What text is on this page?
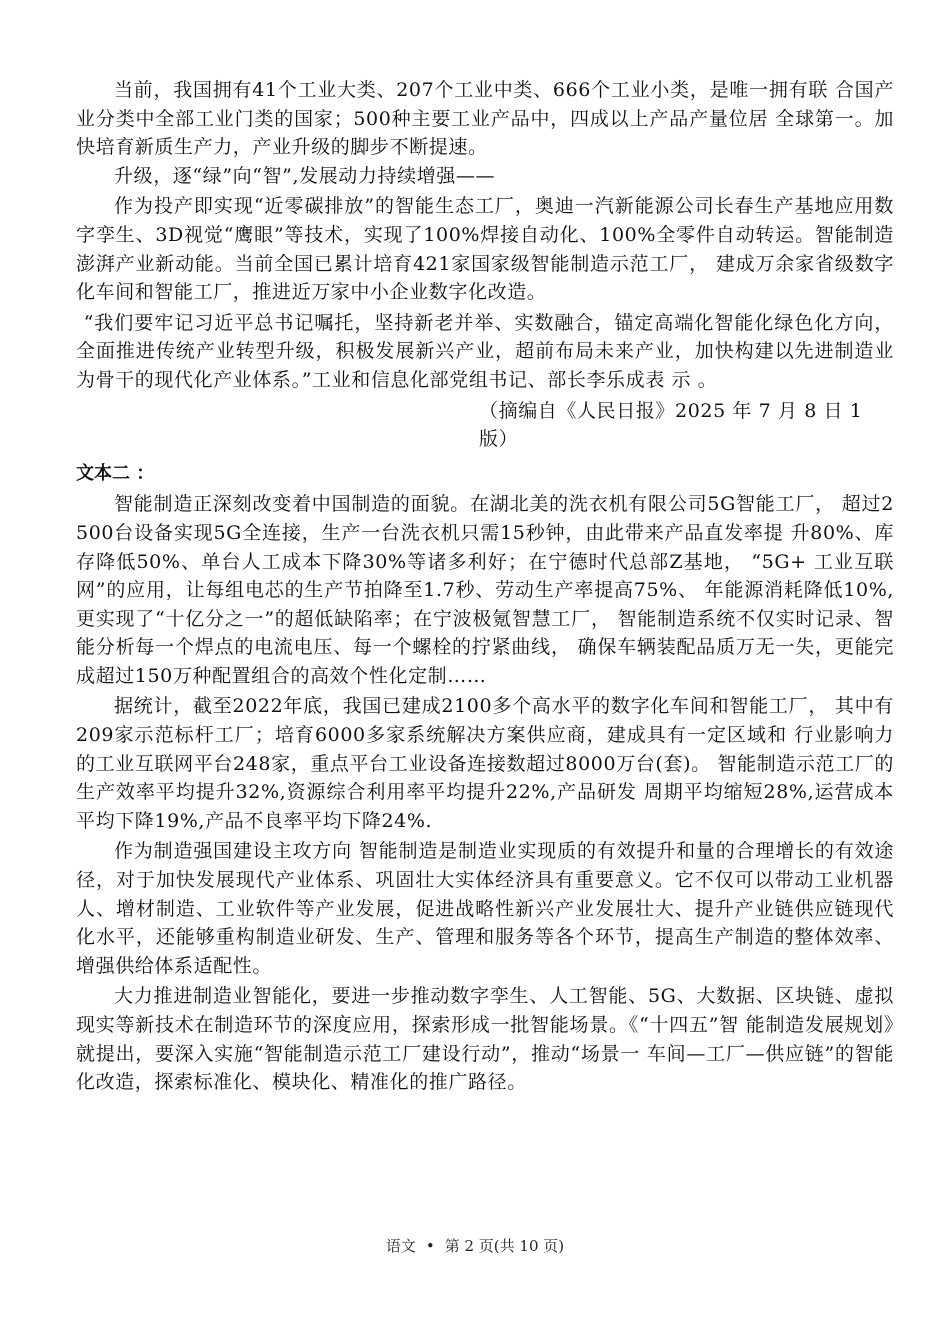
当前，我国拥有41个工业大类、207个工业中类、666个工业小类，是唯一拥有联 合国产业分类中全部工业门类的国家；500种主要工业产品中，四成以上产品产量位居 全球第一。加快培育新质生产力，产业升级的脚步不断提速。

升级，逐“绿”向“智”,发展动力持续增强——

作为投产即实现“近零碳排放”的智能生态工厂，奥迪一汽新能源公司长春生产基地应用数字孪生、3D视觉“鹰眼”等技术，实现了100%焊接自动化、100%全零件自动转运。智能制造澎湃产业新动能。当前全国已累计培育421家国家级智能制造示范工厂， 建成万余家省级数字化车间和智能工厂，推进近万家中小企业数字化改造。

“我们要牢记习近平总书记嘱托，坚持新老并举、实数融合，锚定高端化智能化绿色化方向，全面推进传统产业转型升级，积极发展新兴产业，超前布局未来产业，加快构建以先进制造业为骨干的现代化产业体系。”工业和信息化部党组书记、部长李乐成表 示 。

（摘编自《人民日报》2025 年 7 月 8 日 1 版）

文本二 ：

智能制造正深刻改变着中国制造的面貌。在湖北美的洗衣机有限公司5G智能工厂， 超过2500台设备实现5G全连接，生产一台洗衣机只需15秒钟，由此带来产品直发率提 升80%、库存降低50%、单台人工成本下降30%等诸多利好；在宁德时代总部Z基地， “5G+ 工业互联网”的应用，让每组电芯的生产节拍降至1.7秒、劳动生产率提高75%、 年能源消耗降低10%,更实现了“十亿分之一”的超低缺陷率；在宁波极氪智慧工厂， 智能制造系统不仅实时记录、智能分析每一个焊点的电流电压、每一个螺栓的拧紧曲线， 确保车辆装配品质万无一失，更能完成超过150万种配置组合的高效个性化定制……

据统计，截至2022年底，我国已建成2100多个高水平的数字化车间和智能工厂， 其中有209家示范标杆工厂；培育6000多家系统解决方案供应商，建成具有一定区域和 行业影响力的工业互联网平台248家，重点平台工业设备连接数超过8000万台(套)。 智能制造示范工厂的生产效率平均提升32%,资源综合利用率平均提升22%,产品研发 周期平均缩短28%,运营成本平均下降19%,产品不良率平均下降24%.

作为制造强国建设主攻方向 智能制造是制造业实现质的有效提升和量的合理增长的有效途径，对于加快发展现代产业体系、巩固壮大实体经济具有重要意义。它不仅可以带动工业机器人、增材制造、工业软件等产业发展，促进战略性新兴产业发展壮大、提升产业链供应链现代化水平，还能够重构制造业研发、生产、管理和服务等各个环节，提高生产制造的整体效率、增强供给体系适配性。

大力推进制造业智能化，要进一步推动数字孪生、人工智能、5G、大数据、区块链、虚拟现实等新技术在制造环节的深度应用，探索形成一批智能场景。《“十四五”智 能制造发展规划》就提出，要深入实施“智能制造示范工厂建设行动”，推动“场景一 车间—工厂—供应链”的智能化改造，探索标准化、模块化、精准化的推广路径。

语文 • 第 2 页(共 10 页)
